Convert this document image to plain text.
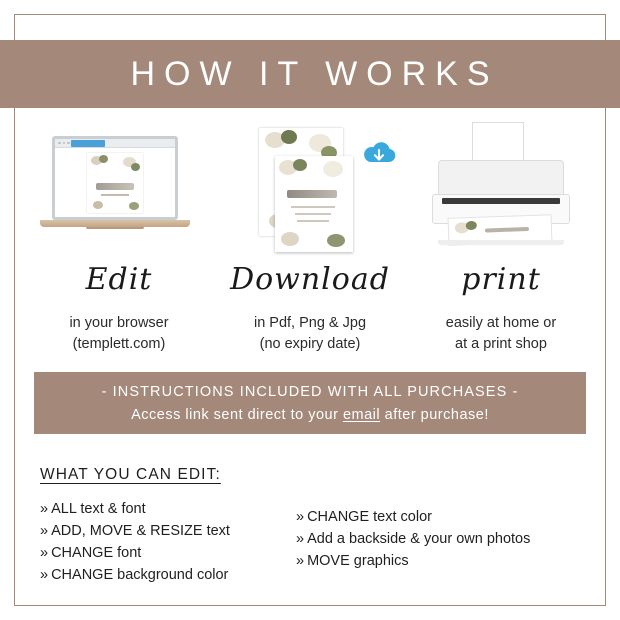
HOW IT WORKS
Edit
in your browser
(templett.com)
Download
in Pdf, Png & Jpg
(no expiry date)
print
easily at home or
at a print shop
- INSTRUCTIONS INCLUDED WITH ALL PURCHASES -
Access link sent direct to your email after purchase!
WHAT YOU CAN EDIT:
» ALL text & font
» ADD, MOVE & RESIZE text
» CHANGE font
» CHANGE background color
» CHANGE text color
» Add a backside & your own photos
» MOVE graphics
